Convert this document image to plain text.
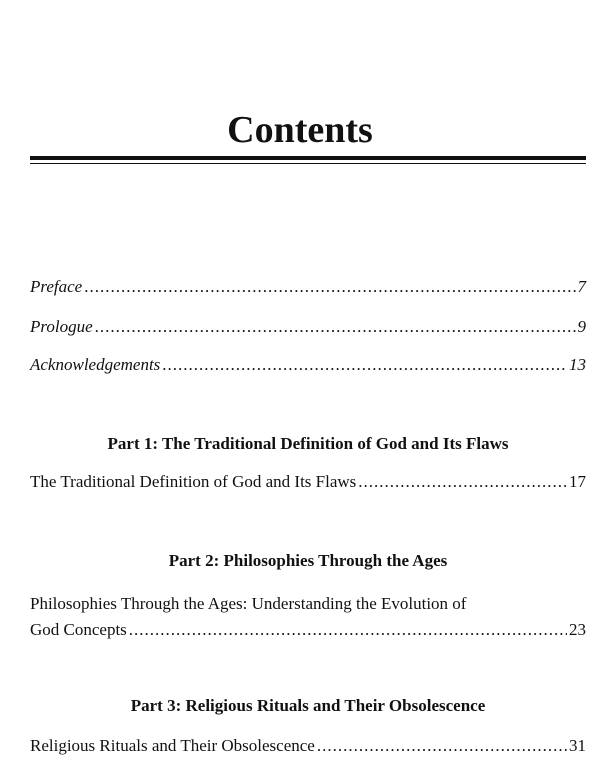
Contents
Preface .....	7
Prologue .....	9
Acknowledgements .....	13
Part 1: The Traditional Definition of God and Its Flaws
The Traditional Definition of God and Its Flaws .....	17
Part 2: Philosophies Through the Ages
Philosophies Through the Ages: Understanding the Evolution of
God Concepts .....	23
Part 3: Religious Rituals and Their Obsolescence
Religious Rituals and Their Obsolescence .....	31
